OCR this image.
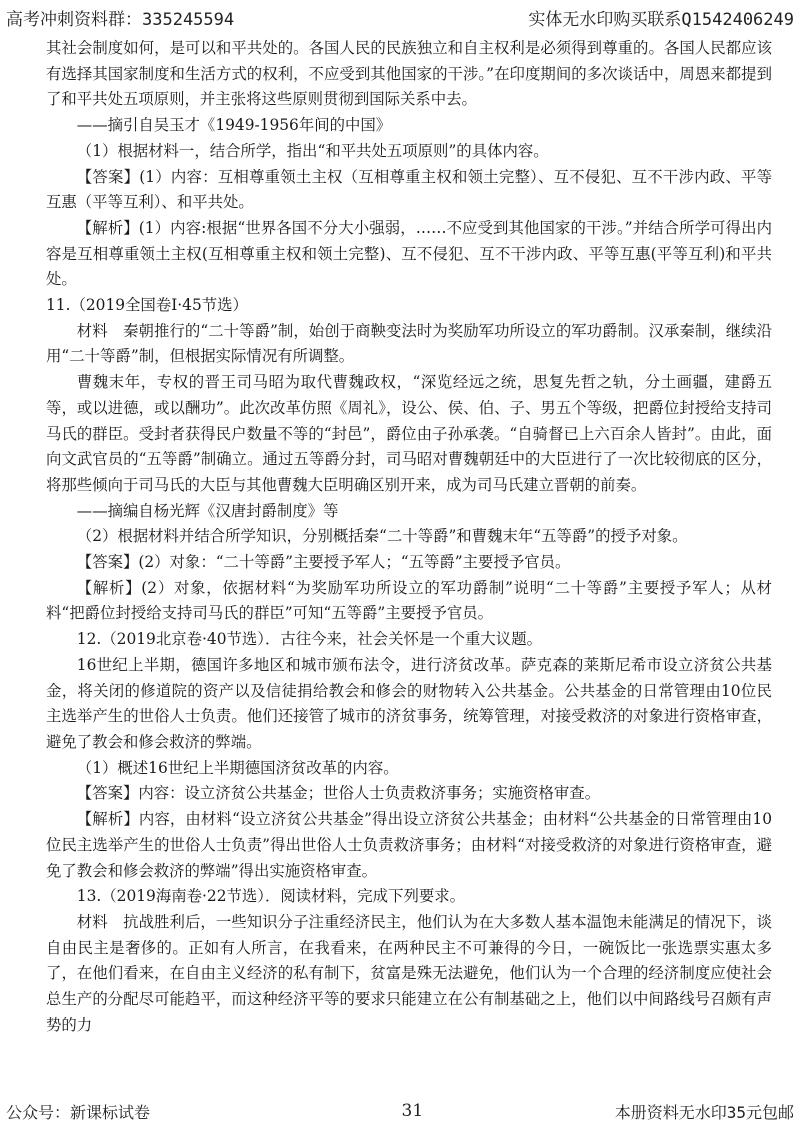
高考冲刺资料群：335245594	实体无水印购买联系Q1542406249

其社会制度如何，是可以和平共处的。各国人民的民族独立和自主权利是必须得到尊重的。各国人民都应该有选择其国家制度和生活方式的权利，不应受到其他国家的干涉。”在印度期间的多次谈话中，周恩来都提到了和平共处五项原则，并主张将这些原则贯彻到国际关系中去。

——摘引自吴玉才《1949-1956年间的中国》

（1）根据材料一，结合所学，指出“和平共处五项原则”的具体内容。

【答案】(1）内容：互相尊重领土主权（互相尊重主权和领土完整）、互不侵犯、互不干涉内政、平等互惠（平等互利）、和平共处。

【解析】(1）内容:根据“世界各国不分大小强弱，……不应受到其他国家的干涉。”并结合所学可得出内容是互相尊重领土主权(互相尊重主权和领土完整)、互不侵犯、互不干涉内政、平等互惠(平等互利)和平共处。

11.（2019全国卷Ⅰ·45节选）

材料　秦朝推行的“二十等爵”制，始创于商鞅变法时为奖励军功所设立的军功爵制。汉承秦制，继续沿用“二十等爵”制，但根据实际情况有所调整。

曹魏末年，专权的晋王司马昭为取代曹魏政权，“深览经远之统，思复先哲之轨，分土画疆，建爵五等，或以进德，或以酬功”。此次改革仿照《周礼》，设公、侯、伯、子、男五个等级，把爵位封授给支持司马氏的群臣。受封者获得民户数量不等的“封邑”，爵位由子孙承袭。“自骑督已上六百余人皆封”。由此，面向文武官员的“五等爵”制确立。通过五等爵分封，司马昭对曹魏朝廷中的大臣进行了一次比较彻底的区分，将那些倾向于司马氏的大臣与其他曹魏大臣明确区别开来，成为司马氏建立晋朝的前奏。

——摘编自杨光辉《汉唐封爵制度》等

（2）根据材料并结合所学知识，分别概括秦“二十等爵”和曹魏末年“五等爵”的授予对象。

【答案】(2）对象：“二十等爵”主要授予军人；“五等爵”主要授予官员。

【解析】(2）对象，依据材料“为奖励军功所设立的军功爵制”说明“二十等爵”主要授予军人；从材料“把爵位封授给支持司马氏的群臣”可知“五等爵”主要授予官员。

12.（2019北京卷·40节选）．古往今来，社会关怀是一个重大议题。

16世纪上半期，德国许多地区和城市颁布法令，进行济贫改革。萨克森的莱斯尼希市设立济贫公共基金，将关闭的修道院的资产以及信徒捐给教会和修会的财物转入公共基金。公共基金的日常管理由10位民主选举产生的世俗人士负责。他们还接管了城市的济贫事务，统筹管理，对接受救济的对象进行资格审查，避免了教会和修会救济的弊端。

（1）概述16世纪上半期德国济贫改革的内容。

【答案】内容：设立济贫公共基金；世俗人士负责救济事务；实施资格审查。

【解析】内容，由材料“设立济贫公共基金”得出设立济贫公共基金；由材料“公共基金的日常管理由10位民主选举产生的世俗人士负责”得出世俗人士负责救济事务；由材料“对接受救济的对象进行资格审查，避免了教会和修会救济的弊端”得出实施资格审查。

13.（2019海南卷·22节选）．阅读材料，完成下列要求。

材料　抗战胜利后，一些知识分子注重经济民主，他们认为在大多数人基本温饱未能满足的情况下，谈自由民主是奢侈的。正如有人所言，在我看来，在两种民主不可兼得的今日，一碗饭比一张选票实惠太多了，在他们看来，在自由主义经济的私有制下，贫富是殊无法避免，他们认为一个合理的经济制度应使社会总生产的分配尽可能趋平，而这种经济平等的要求只能建立在公有制基础之上，他们以中间路线号召颇有声势的力

公众号：新课标试卷	31	本册资料无水印35元包邮
